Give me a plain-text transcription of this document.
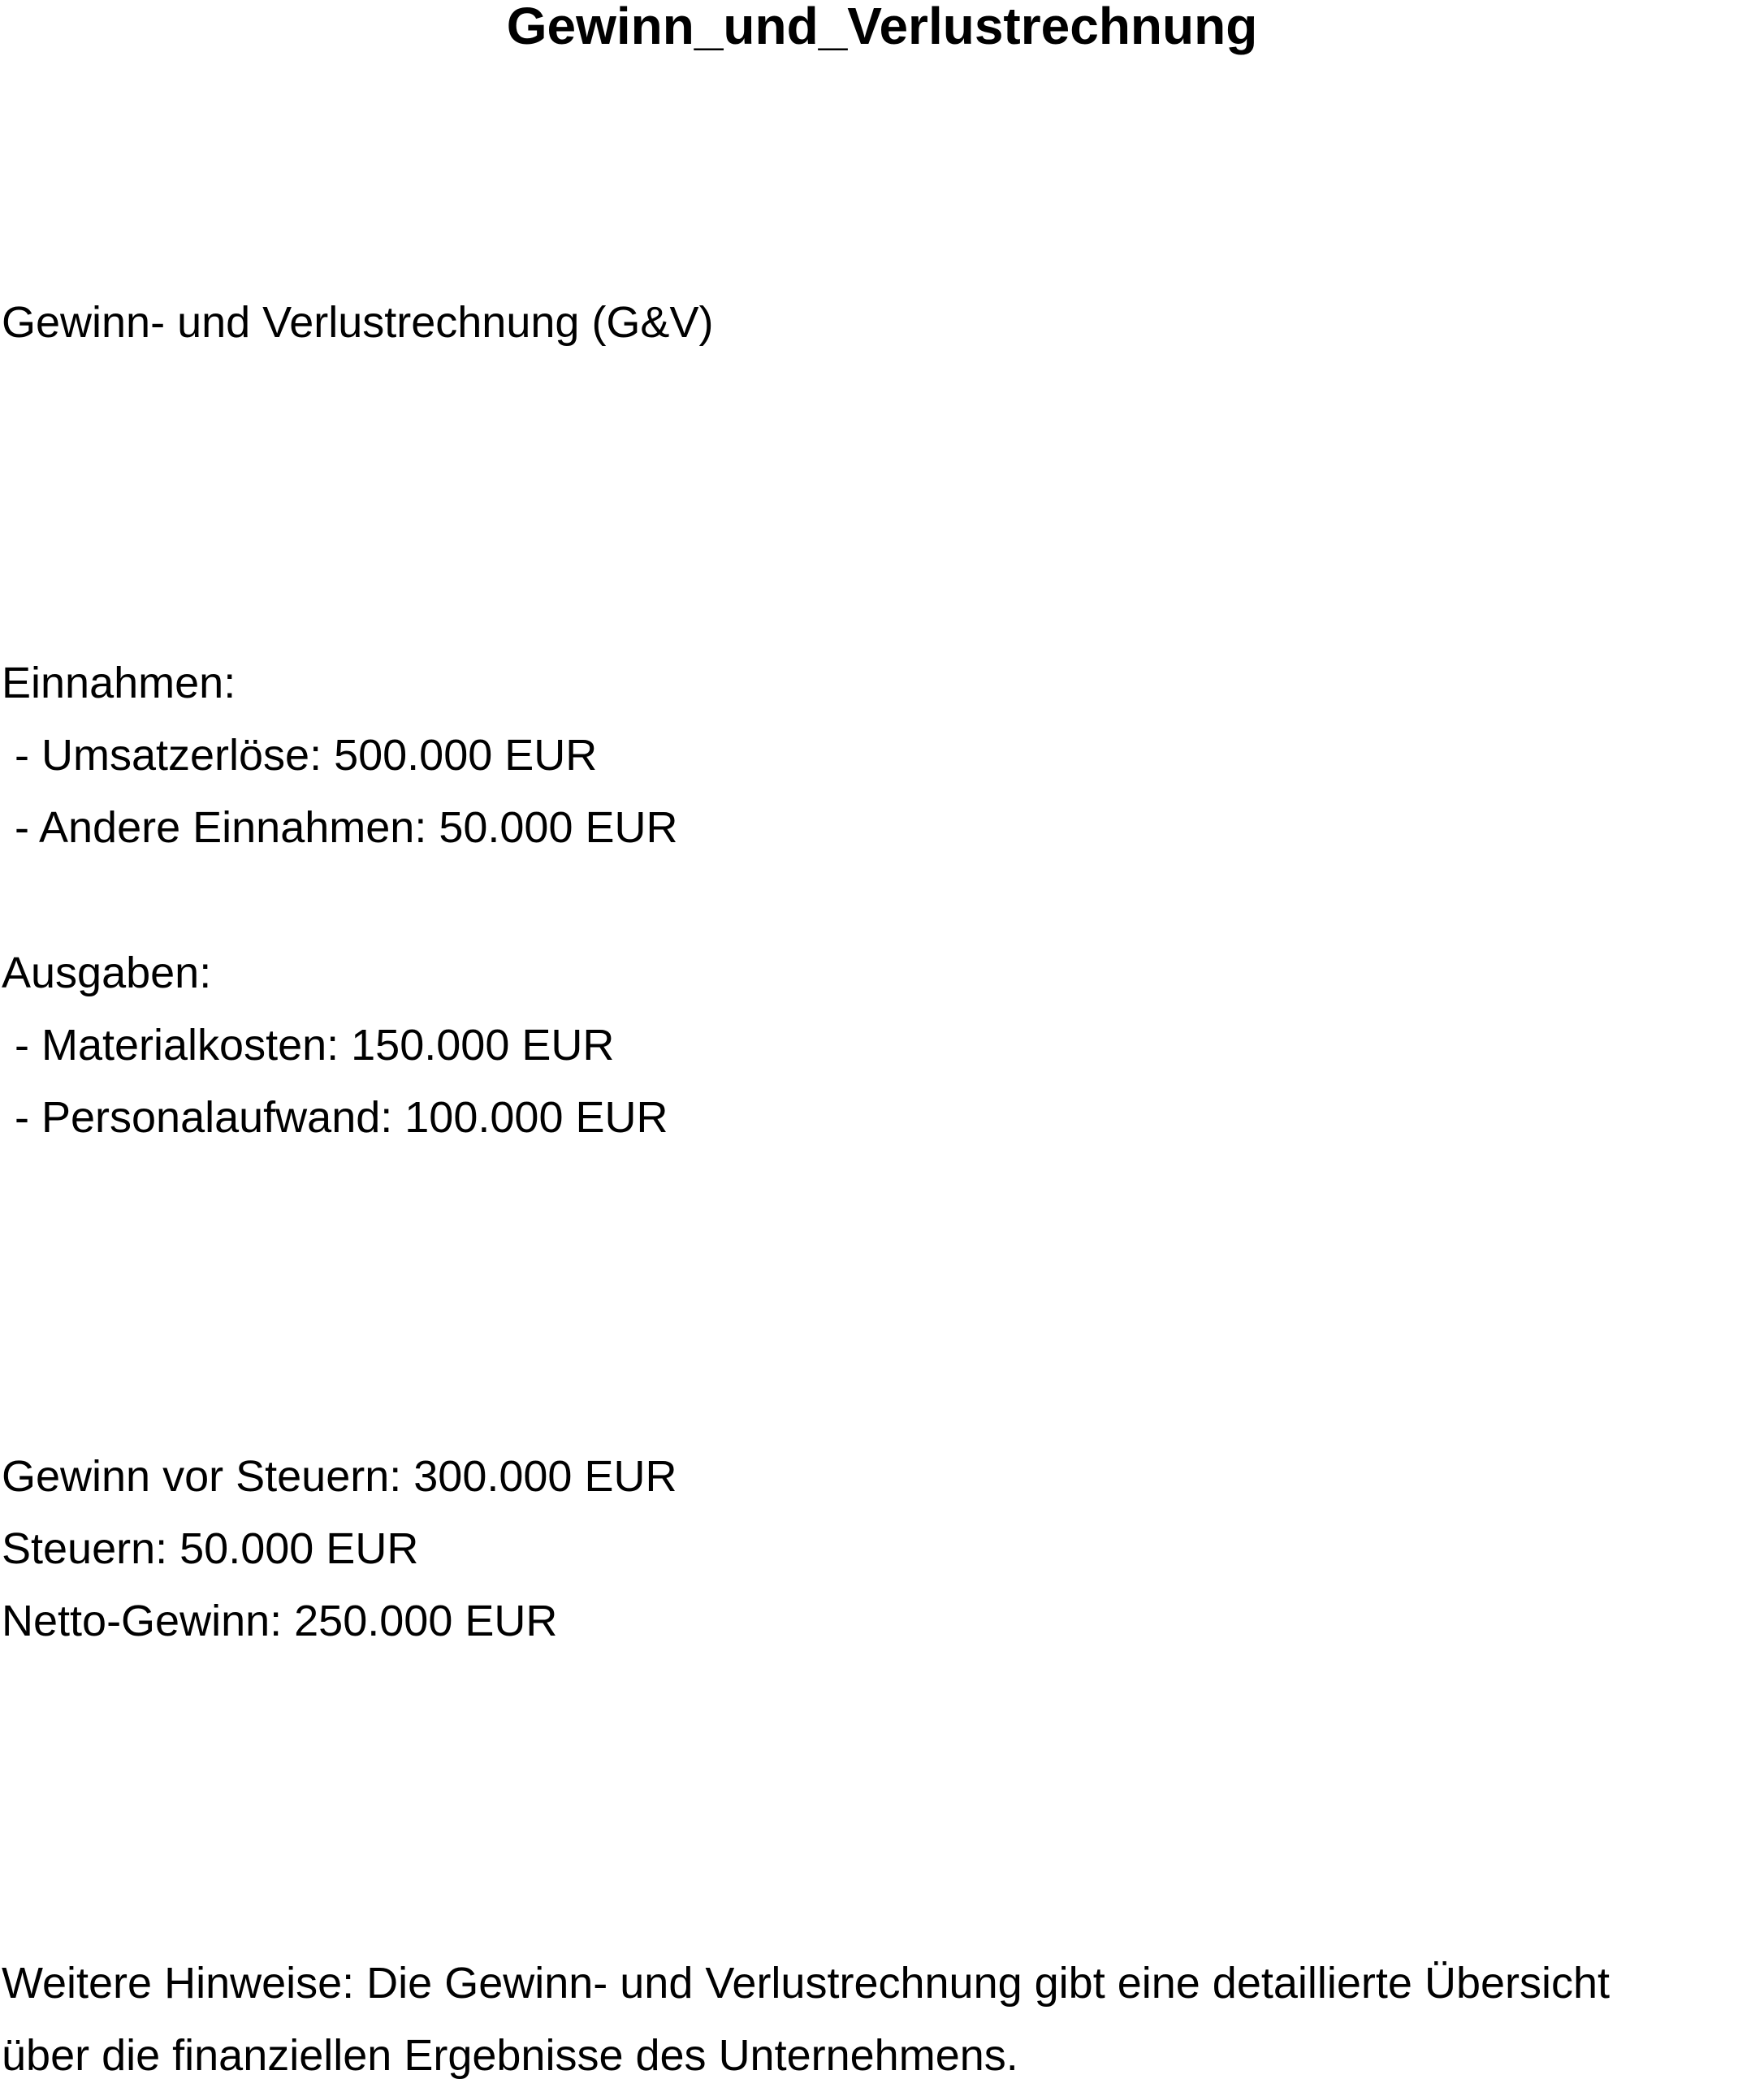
Gewinn_und_Verlustrechnung
Gewinn- und Verlustrechnung (G&V)
Einnahmen:
- Umsatzerlöse: 500.000 EUR
- Andere Einnahmen: 50.000 EUR
Ausgaben:
- Materialkosten: 150.000 EUR
- Personalaufwand: 100.000 EUR
Gewinn vor Steuern: 300.000 EUR
Steuern: 50.000 EUR
Netto-Gewinn: 250.000 EUR
Weitere Hinweise: Die Gewinn- und Verlustrechnung gibt eine detaillierte Übersicht
über die finanziellen Ergebnisse des Unternehmens.
